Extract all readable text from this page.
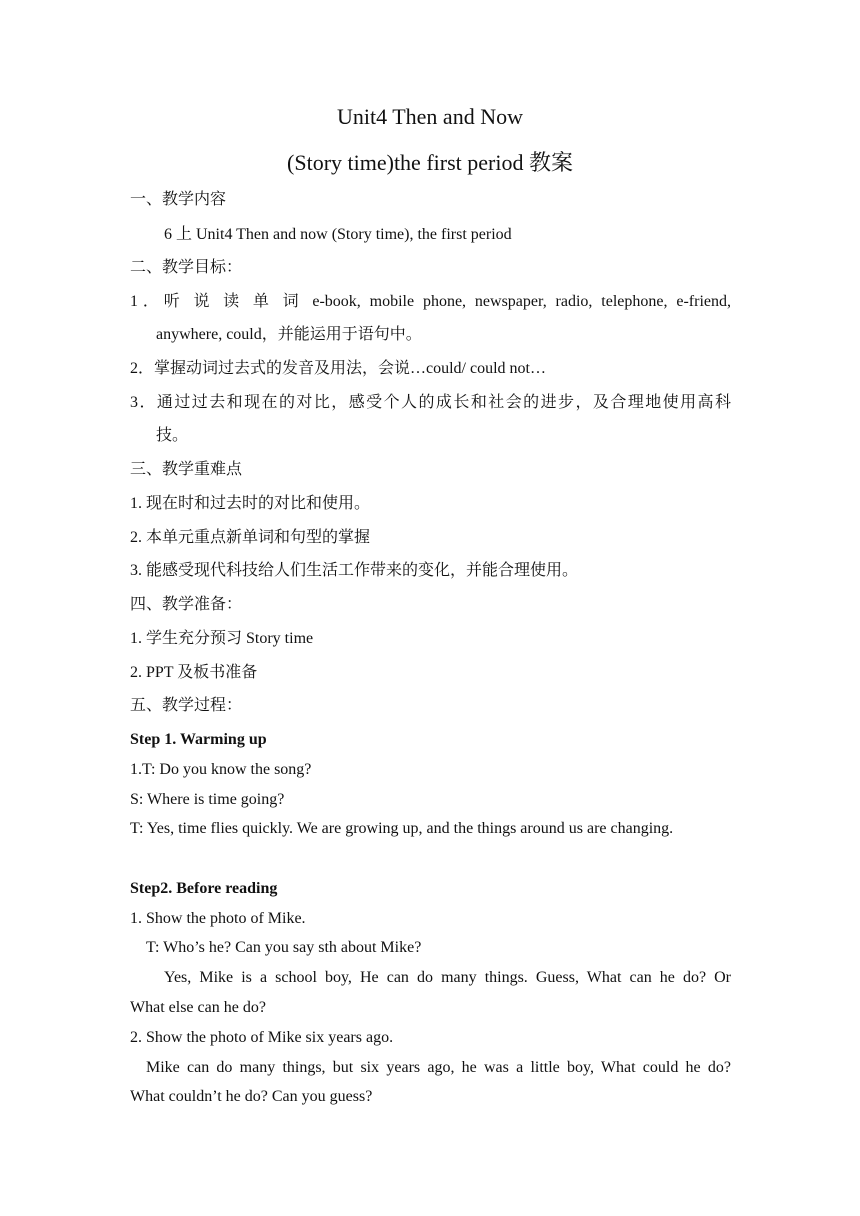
Unit4 Then and Now
(Story time)the first period 教案
一、教学内容
6 上 Unit4 Then and now (Story time), the first period
二、教学目标：
1．听 说 读 单 词 e-book, mobile phone, newspaper, radio, telephone, e-friend,
anywhere, could，并能运用于语句中。
2．掌握动词过去式的发音及用法，会说…could/ could not…
3．通过过去和现在的对比，感受个人的成长和社会的进步，及合理地使用高科
技。
三、教学重难点
1. 现在时和过去时的对比和使用。
2. 本单元重点新单词和句型的掌握
3. 能感受现代科技给人们生活工作带来的变化，并能合理使用。
四、教学准备：
1. 学生充分预习 Story time
2. PPT 及板书准备
五、教学过程：
Step 1. Warming up
1.T: Do you know the song?
S: Where is time going?
T: Yes, time flies quickly. We are growing up, and the things around us are changing.
Step2. Before reading
1. Show the photo of Mike.
T: Who’s he? Can you say sth about Mike?
Yes, Mike is a school boy, He can do many things. Guess, What can he do? Or
What else can he do?
2. Show the photo of Mike six years ago.
Mike can do many things, but six years ago, he was a little boy, What could he do?
What couldn’t he do? Can you guess?
